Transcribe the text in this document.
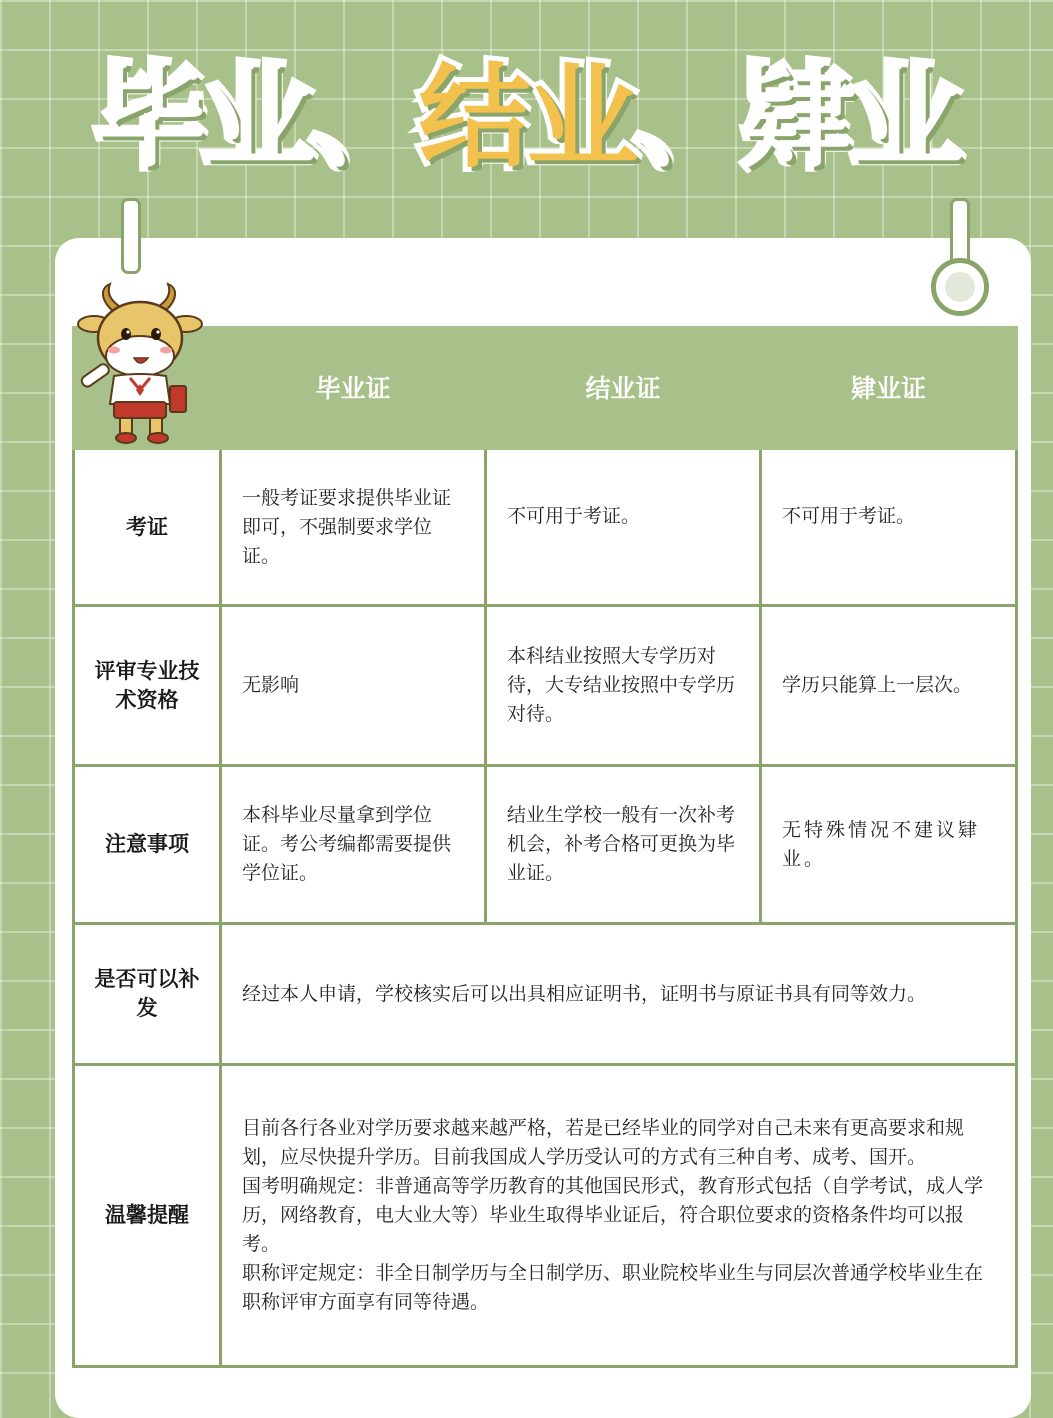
毕业 、 结业 、 肄业
	毕业证	结业证	肄业证
考证	一般考证要求提供毕业证即可，不强制要求学位证。	不可用于考证。	不可用于考证。
评审专业技术资格	无影响	本科结业按照大专学历对待，大专结业按照中专学历对待。	学历只能算上一层次。
注意事项	本科毕业尽量拿到学位证。考公考编都需要提供学位证。	结业生学校一般有一次补考机会，补考合格可更换为毕业证。	无特殊情况不建议肄业。
是否可以补发	经过本人申请，学校核实后可以出具相应证明书，证明书与原证书具有同等效力。		
温馨提醒	目前各行各业对学历要求越来越严格，若是已经毕业的同学对自己未来有更高要求和规划，应尽快提升学历。目前我国成人学历受认可的方式有三种自考、成考、国开。
国考明确规定：非普通高等学历教育的其他国民形式，教育形式包括（自学考试，成人学历，网络教育，电大业大等）毕业生取得毕业证后，符合职位要求的资格条件均可以报考。
职称评定规定：非全日制学历与全日制学历、职业院校毕业生与同层次普通学校毕业生在职称评审方面享有同等待遇。		
